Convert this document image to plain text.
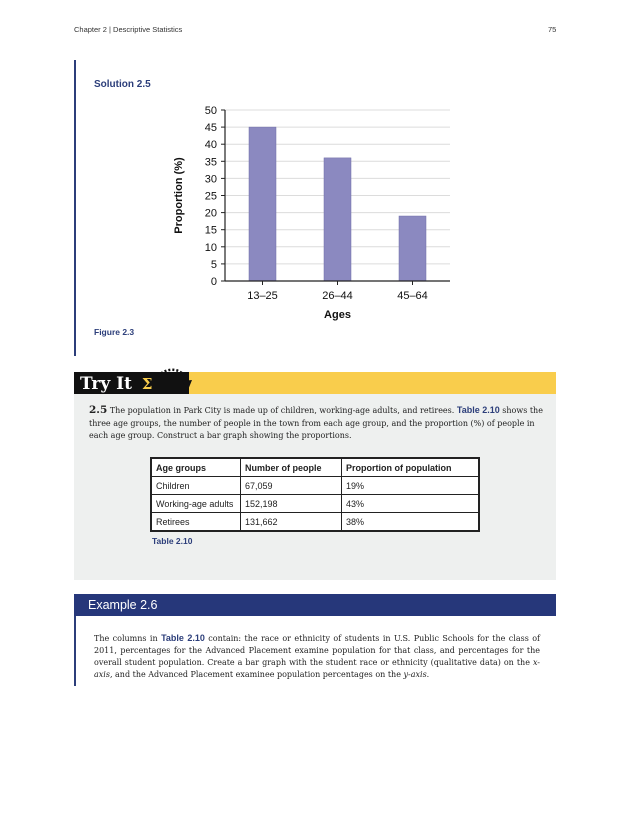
Chapter 2 | Descriptive Statistics	75
Solution 2.5
0
5
10
15
20
25
30
35
40
45
50
13–25	26–44	45–64
Proportion (%)
Ages
Figure 2.3
Try It Σ
2.5 The population in Park City is made up of children, working-age adults, and retirees. Table 2.10 shows the three age groups, the number of people in the town from each age group, and the proportion (%) of people in each age group. Construct a bar graph showing the proportions.
Age groups	Number of people	Proportion of population
Children	67,059	19%
Working-age adults	152,198	43%
Retirees	131,662	38%
Table 2.10
Example 2.6
The columns in Table 2.10 contain: the race or ethnicity of students in U.S. Public Schools for the class of 2011, percentages for the Advanced Placement examine population for that class, and percentages for the overall student population. Create a bar graph with the student race or ethnicity (qualitative data) on the x-axis, and the Advanced Placement examinee population percentages on the y-axis.
